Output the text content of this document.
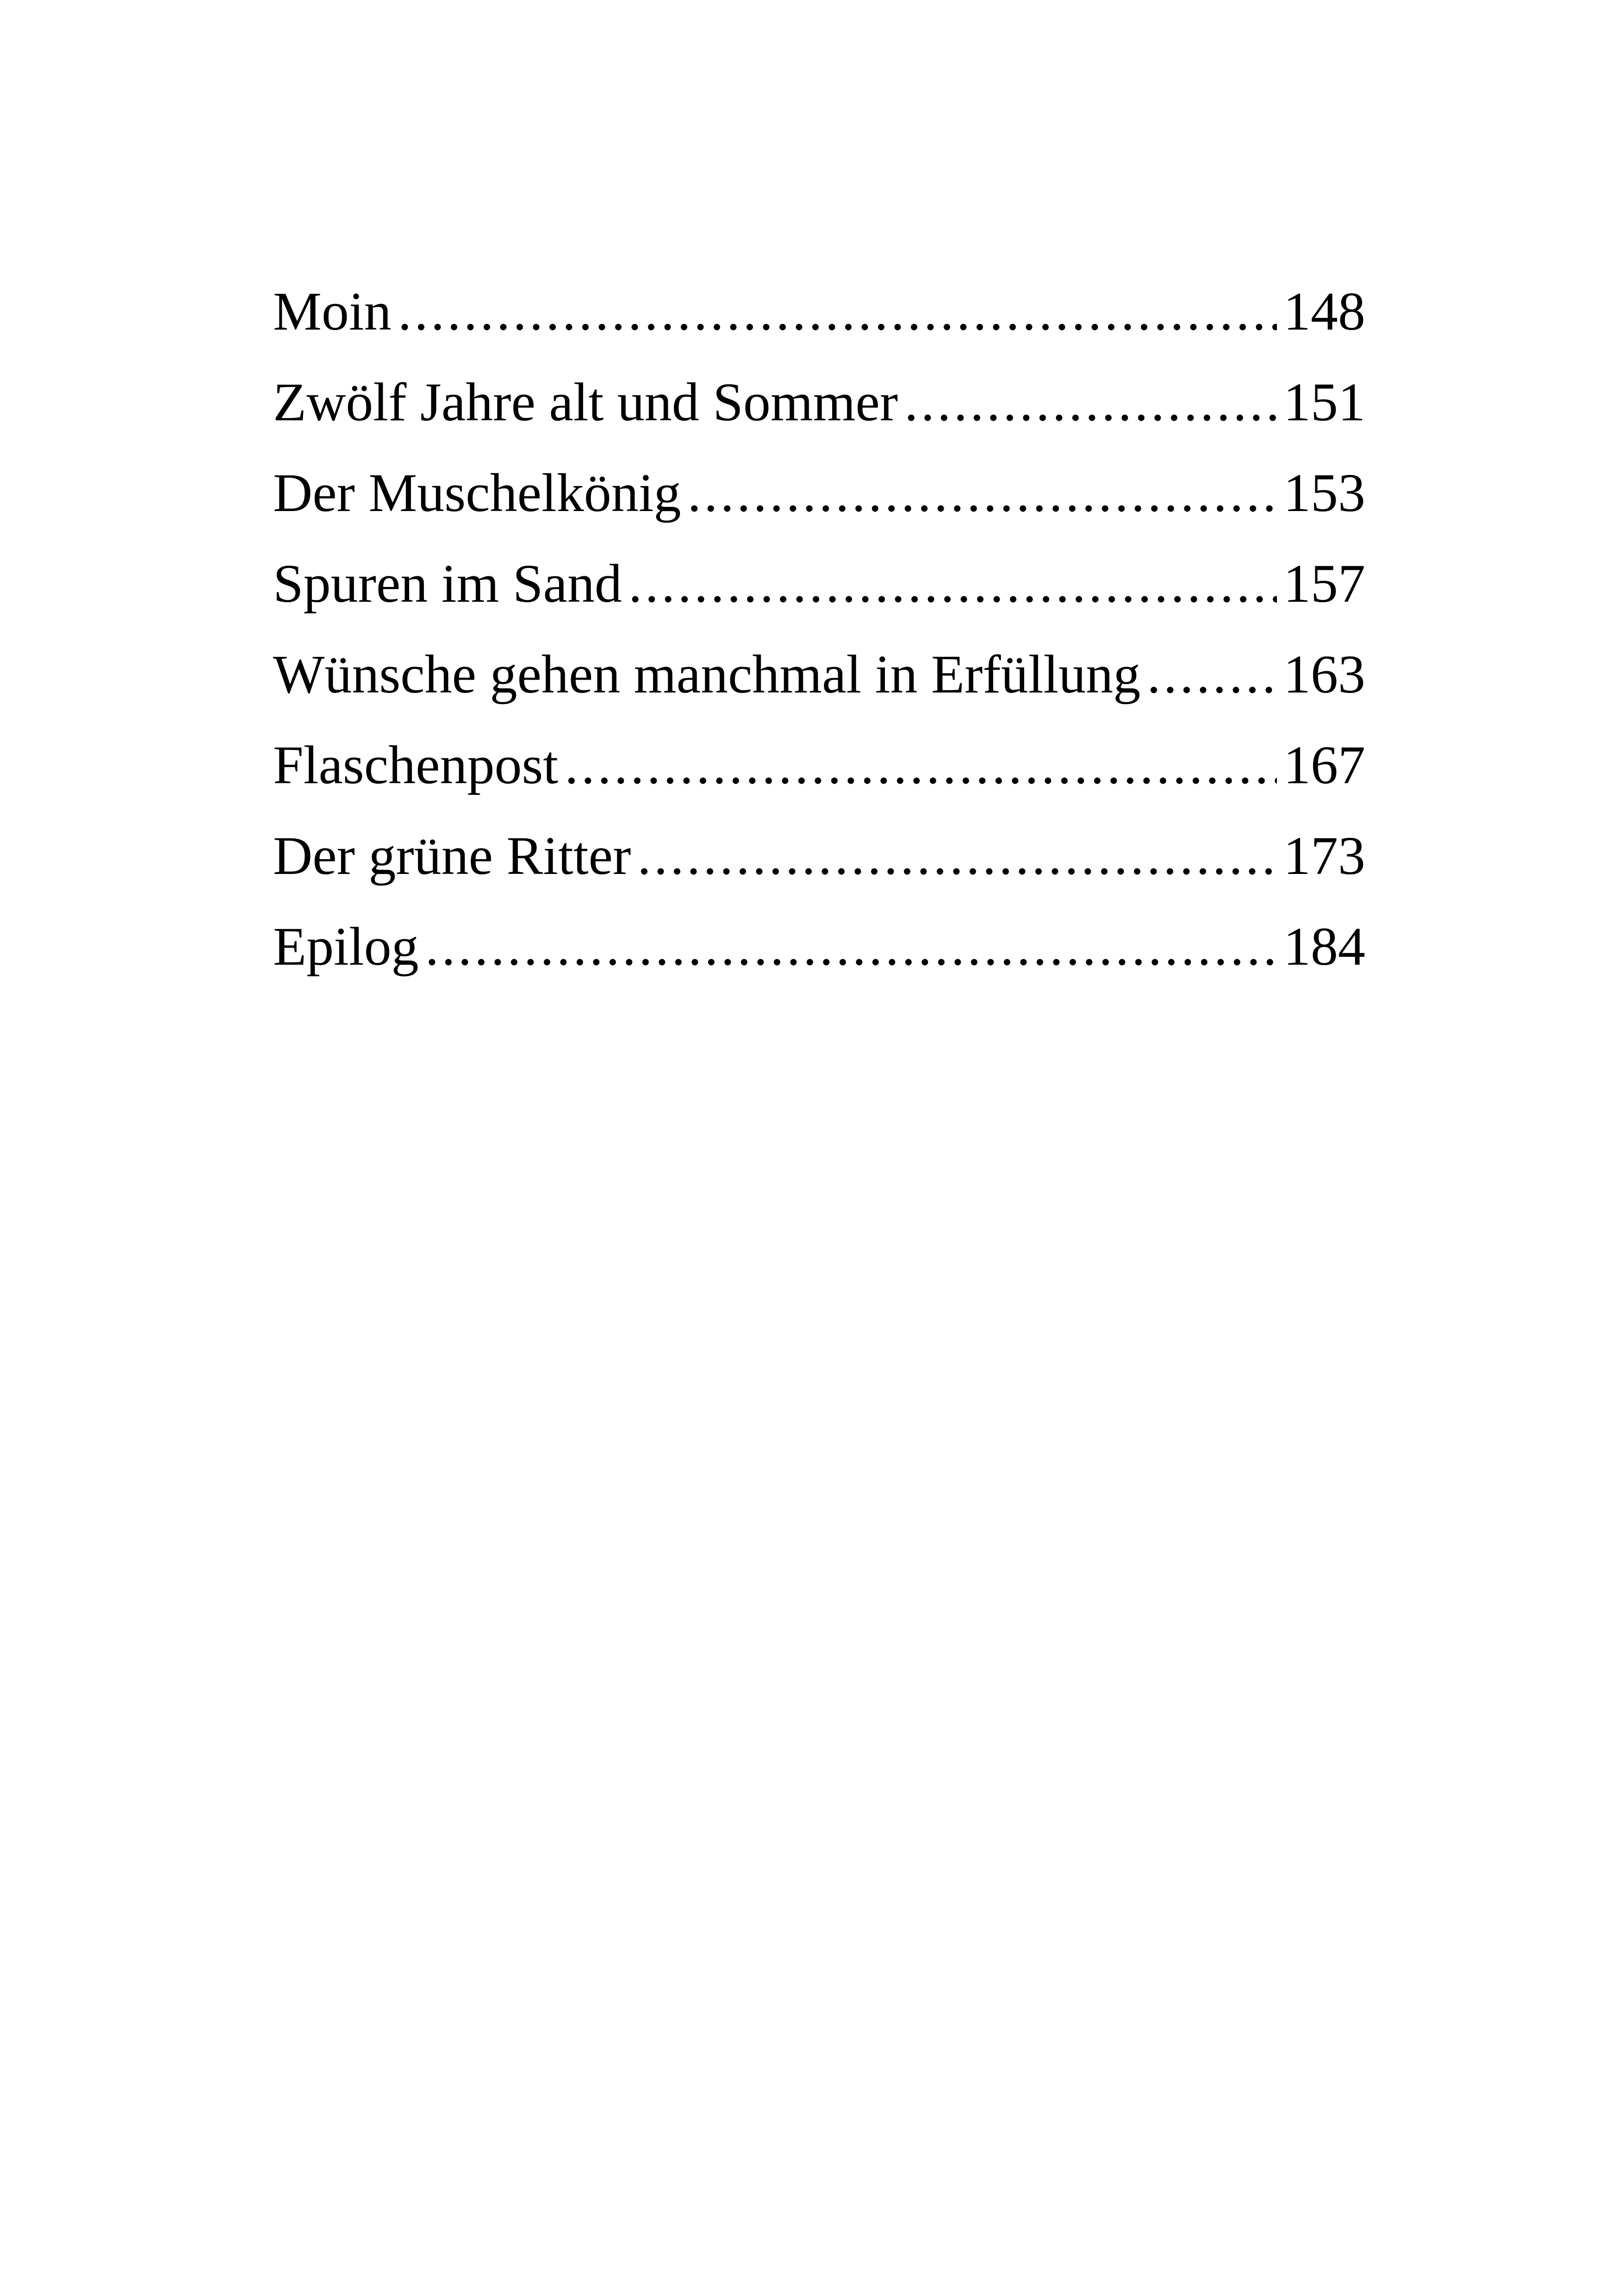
Moin .....	148
Zwölf Jahre alt und Sommer .....	151
Der Muschelkönig .....	153
Spuren im Sand .....	157
Wünsche gehen manchmal in Erfüllung .....	163
Flaschenpost .....	167
Der grüne Ritter .....	173
Epilog .....	184
